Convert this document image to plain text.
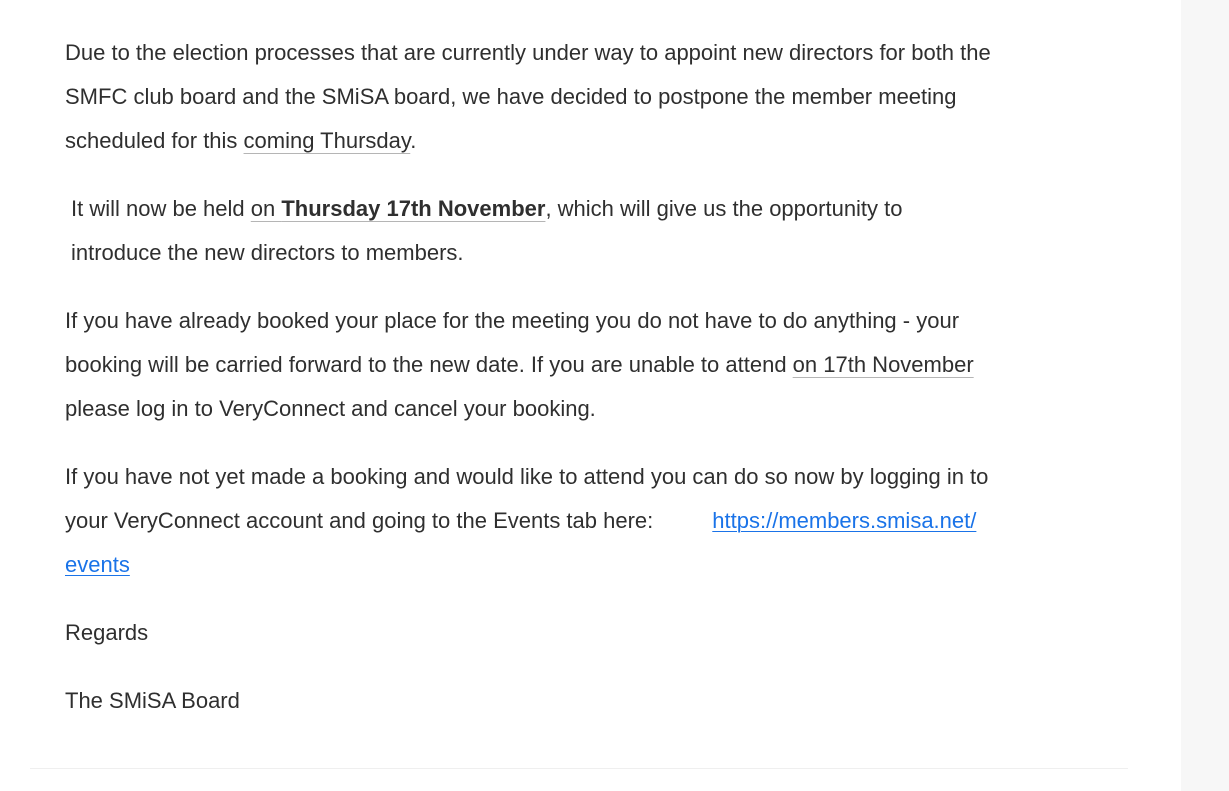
Due to the election processes that are currently under way to appoint new directors for both the
SMFC club board and the SMiSA board, we have decided to postpone the member meeting
scheduled for this coming Thursday.

It will now be held on Thursday 17th November, which will give us the opportunity to
introduce the new directors to members.

If you have already booked your place for the meeting you do not have to do anything - your
booking will be carried forward to the new date. If you are unable to attend on 17th November
please log in to VeryConnect and cancel your booking.

If you have not yet made a booking and would like to attend you can do so now by logging in to
your VeryConnect account and going to the Events tab here:	https://members.smisa.net/
events

Regards

The SMiSA Board
